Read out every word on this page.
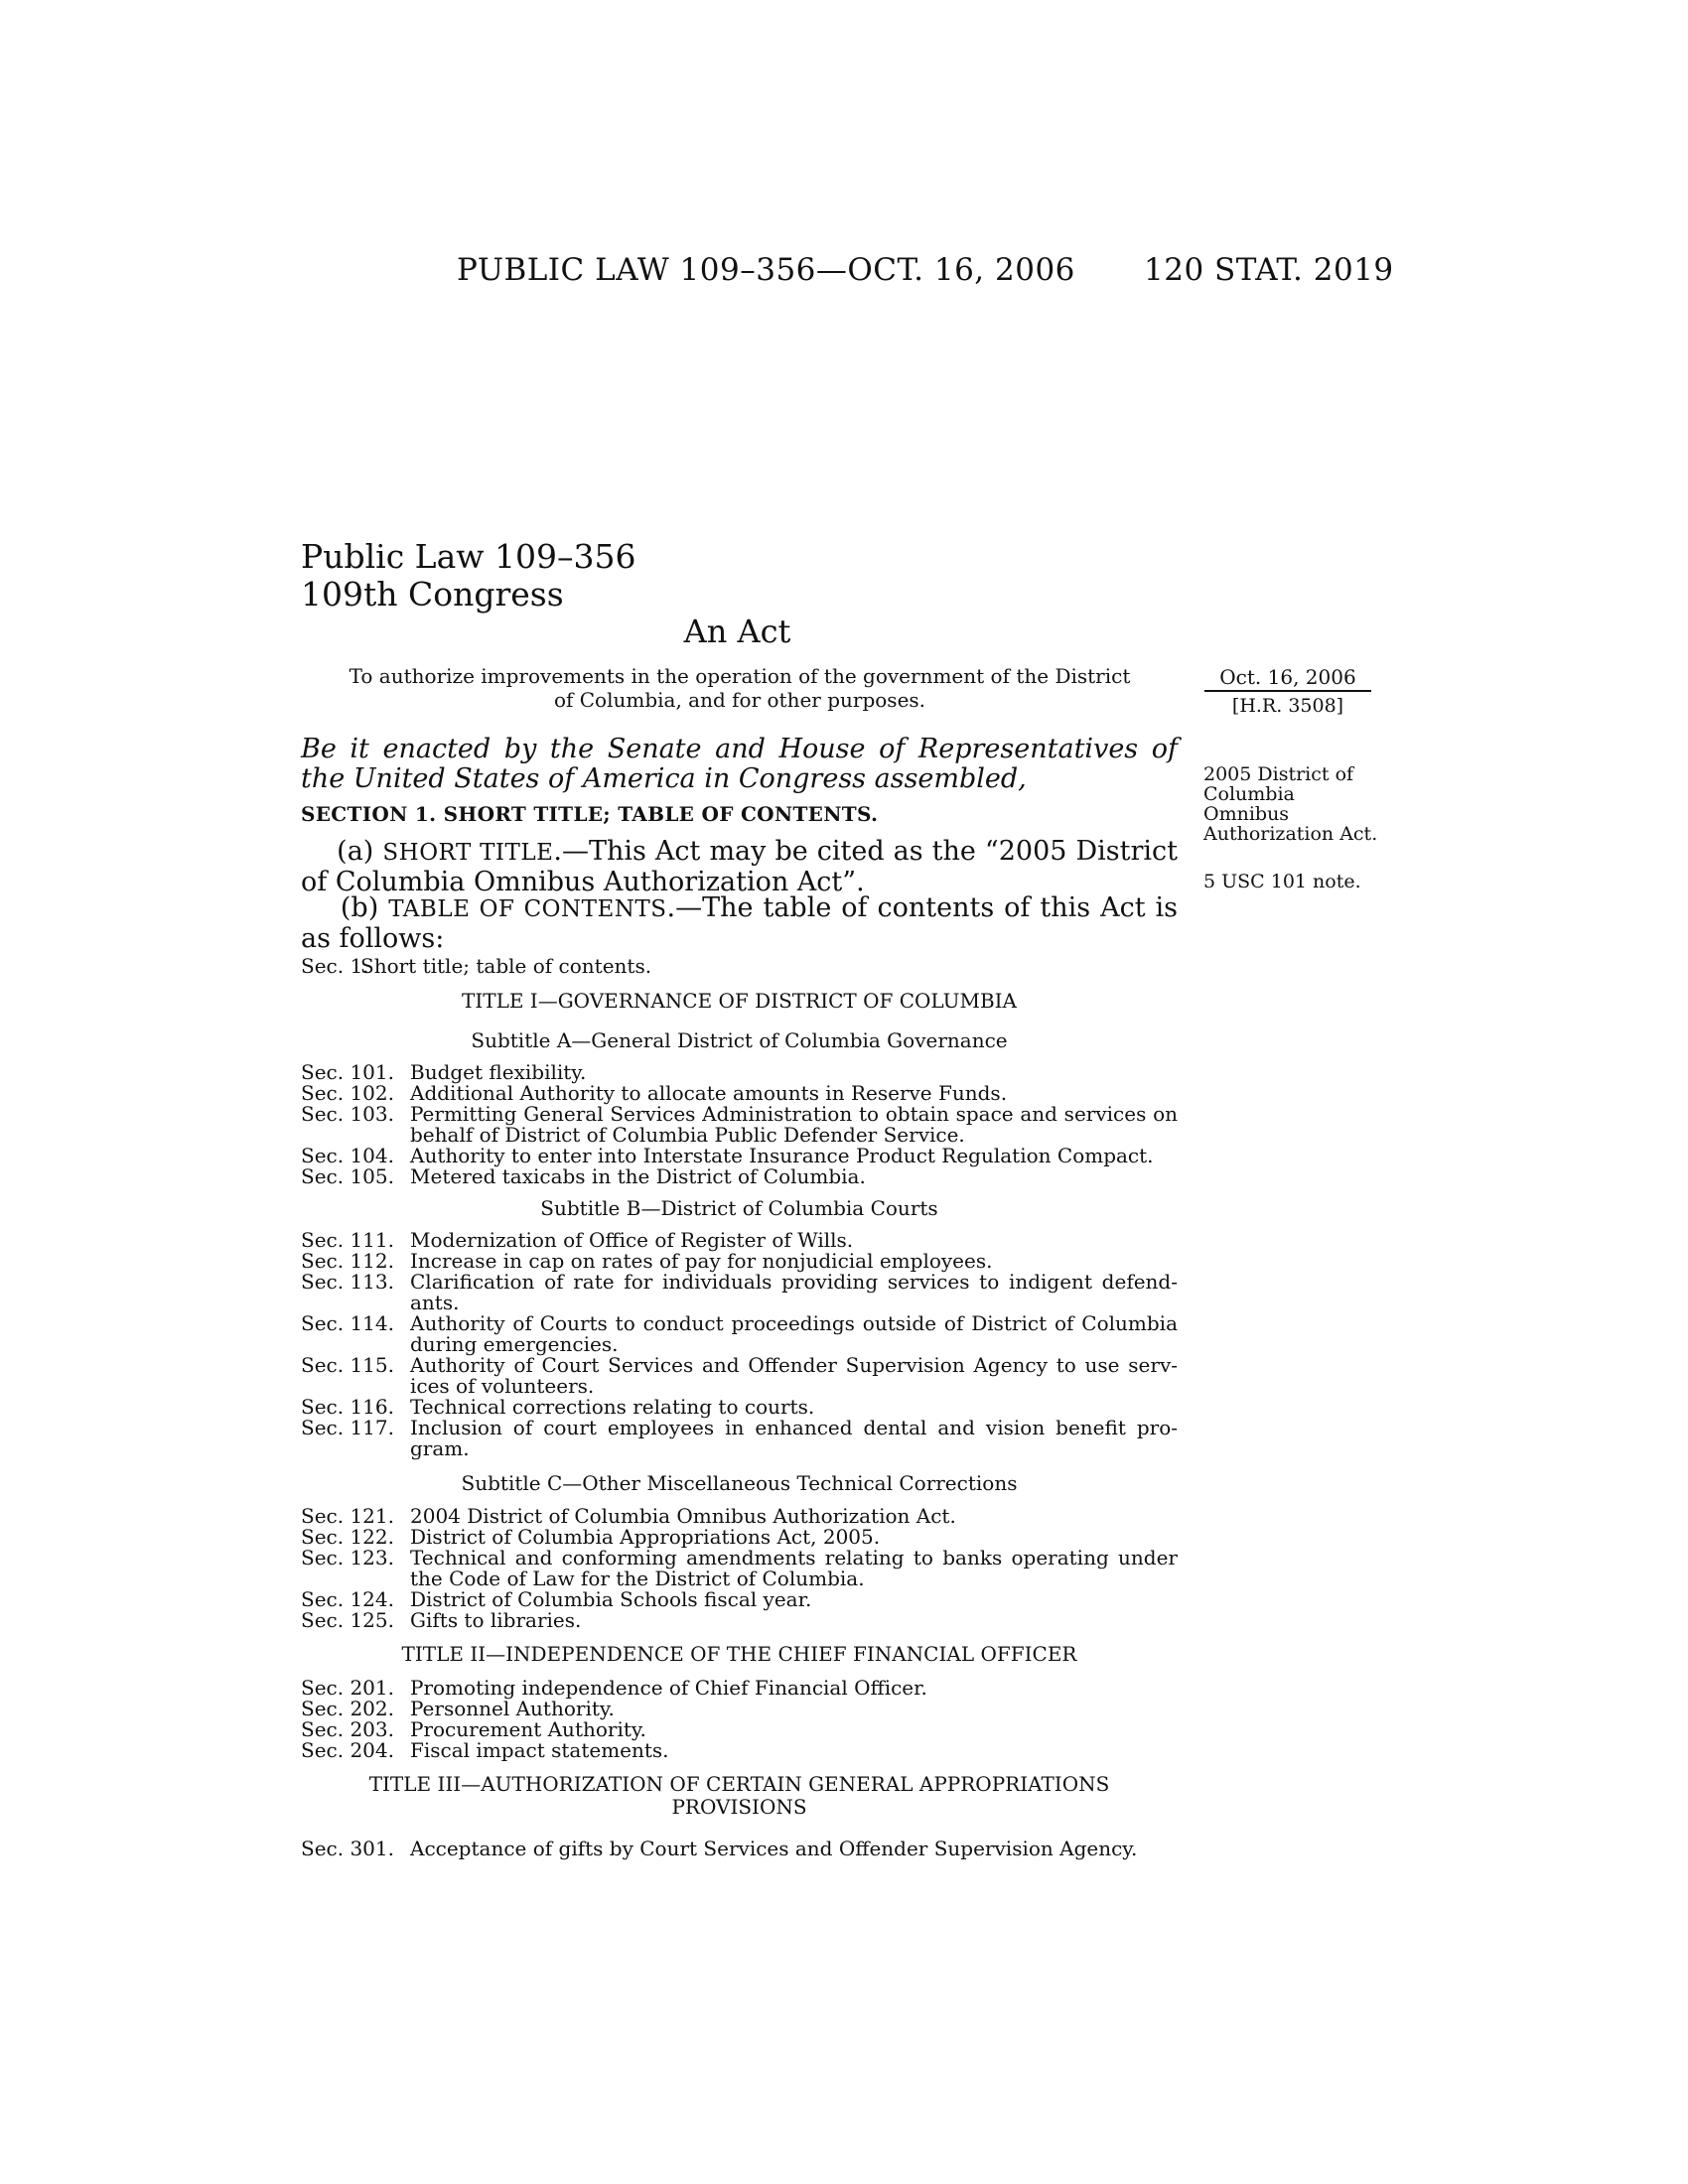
PUBLIC LAW 109–356—OCT. 16, 2006 120 STAT. 2019
Public Law 109–356
109th Congress
An Act
To authorize improvements in the operation of the government of the District of Columbia, and for other purposes.
Oct. 16, 2006
[H.R. 3508]
2005 District of Columbia Omnibus Authorization Act.
5 USC 101 note.
Be it enacted by the Senate and House of Representatives of the United States of America in Congress assembled,
SECTION 1. SHORT TITLE; TABLE OF CONTENTS.
(a) SHORT TITLE.—This Act may be cited as the “2005 District of Columbia Omnibus Authorization Act”.
(b) TABLE OF CONTENTS.—The table of contents of this Act is as follows:
Sec. 1.
Short title; table of contents.
TITLE I—GOVERNANCE OF DISTRICT OF COLUMBIA
Subtitle A—General District of Columbia Governance
Sec. 101. Budget flexibility.
Sec. 102. Additional Authority to allocate amounts in Reserve Funds.
Sec. 103. Permitting General Services Administration to obtain space and services on behalf of District of Columbia Public Defender Service.
Sec. 104. Authority to enter into Interstate Insurance Product Regulation Compact.
Sec. 105. Metered taxicabs in the District of Columbia.
Subtitle B—District of Columbia Courts
Sec. 111. Modernization of Office of Register of Wills.
Sec. 112. Increase in cap on rates of pay for nonjudicial employees.
Sec. 113. Clarification of rate for individuals providing services to indigent defend- ants.
Sec. 114. Authority of Courts to conduct proceedings outside of District of Columbia during emergencies.
Sec. 115. Authority of Court Services and Offender Supervision Agency to use serv- ices of volunteers.
Sec. 116. Technical corrections relating to courts.
Sec. 117. Inclusion of court employees in enhanced dental and vision benefit pro- gram.
Subtitle C—Other Miscellaneous Technical Corrections
Sec. 121. 2004 District of Columbia Omnibus Authorization Act.
Sec. 122. District of Columbia Appropriations Act, 2005.
Sec. 123. Technical and conforming amendments relating to banks operating under the Code of Law for the District of Columbia.
Sec. 124. District of Columbia Schools fiscal year.
Sec. 125. Gifts to libraries.
TITLE II—INDEPENDENCE OF THE CHIEF FINANCIAL OFFICER
Sec. 201. Promoting independence of Chief Financial Officer.
Sec. 202. Personnel Authority.
Sec. 203. Procurement Authority.
Sec. 204. Fiscal impact statements.
TITLE III—AUTHORIZATION OF CERTAIN GENERAL APPROPRIATIONS
PROVISIONS
Sec. 301. Acceptance of gifts by Court Services and Offender Supervision Agency.
